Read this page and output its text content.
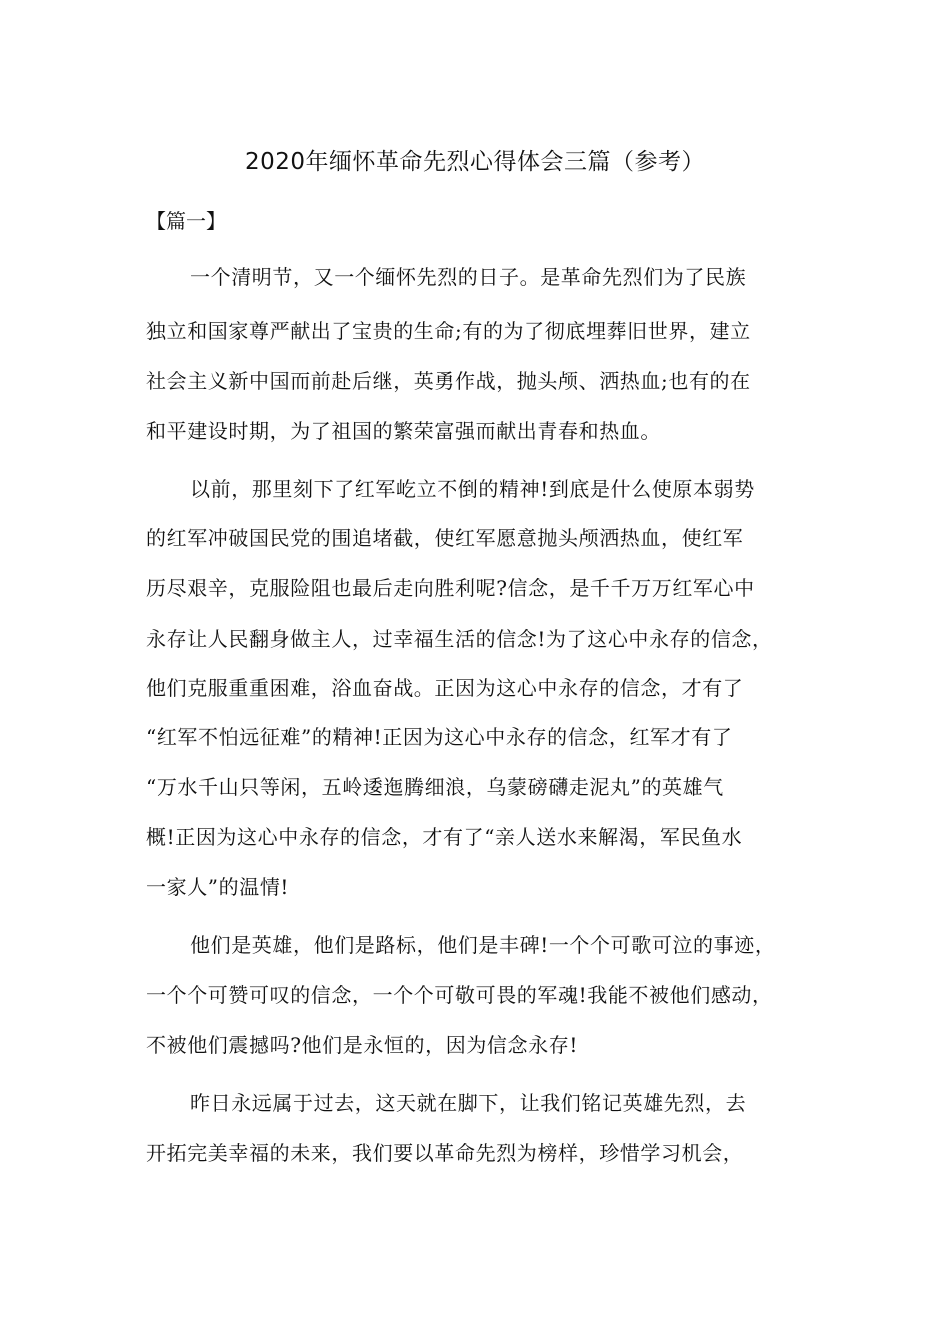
2020年缅怀革命先烈心得体会三篇（参考）
【篇一】
一个清明节，又一个缅怀先烈的日子。是革命先烈们为了民族
独立和国家尊严献出了宝贵的生命;有的为了彻底埋葬旧世界，建立
社会主义新中国而前赴后继，英勇作战，抛头颅、洒热血;也有的在
和平建设时期，为了祖国的繁荣富强而献出青春和热血。
以前，那里刻下了红军屹立不倒的精神!到底是什么使原本弱势
的红军冲破国民党的围追堵截，使红军愿意抛头颅洒热血，使红军
历尽艰辛，克服险阻也最后走向胜利呢?信念，是千千万万红军心中
永存让人民翻身做主人，过幸福生活的信念!为了这心中永存的信念，
他们克服重重困难，浴血奋战。正因为这心中永存的信念，才有了
“红军不怕远征难”的精神!正因为这心中永存的信念，红军才有了
“万水千山只等闲，五岭逶迤腾细浪，乌蒙磅礴走泥丸”的英雄气
概!正因为这心中永存的信念，才有了“亲人送水来解渴，军民鱼水
一家人”的温情!
他们是英雄，他们是路标，他们是丰碑!一个个可歌可泣的事迹，
一个个可赞可叹的信念，一个个可敬可畏的军魂!我能不被他们感动，
不被他们震撼吗?他们是永恒的，因为信念永存!
昨日永远属于过去，这天就在脚下，让我们铭记英雄先烈，去
开拓完美幸福的未来，我们要以革命先烈为榜样，珍惜学习机会，
